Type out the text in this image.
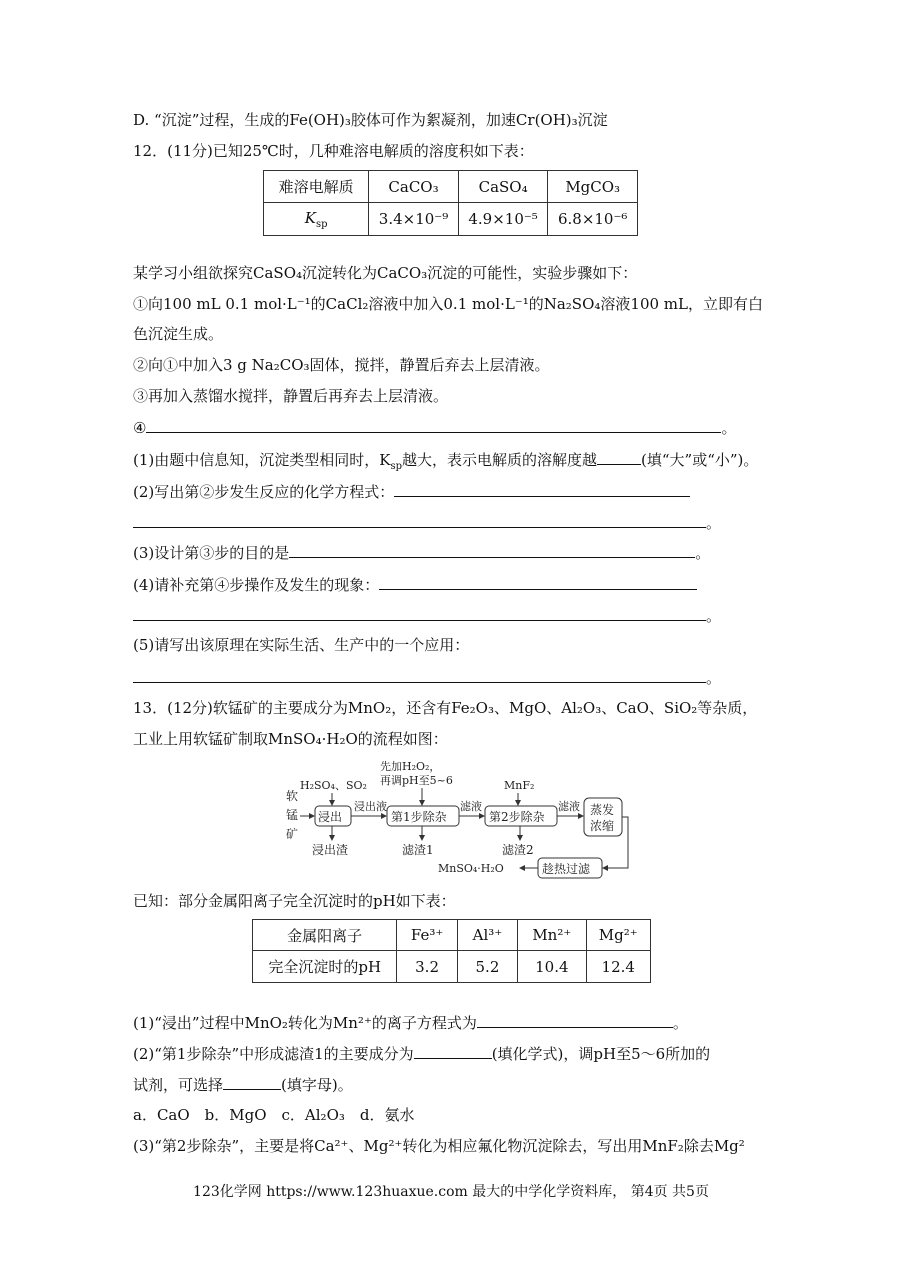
D. “沉淀”过程，生成的Fe(OH)₃胶体可作为絮凝剂，加速Cr(OH)₃沉淀
12．(11分)已知25℃时，几种难溶电解质的溶度积如下表：
难溶电解质	CaCO₃	CaSO₄	MgCO₃
$K_{sp}$	3.4×10⁻⁹	4.9×10⁻⁵	6.8×10⁻⁶
某学习小组欲探究CaSO₄沉淀转化为CaCO₃沉淀的可能性，实验步骤如下：
①向100 mL 0.1 mol·L⁻¹的CaCl₂溶液中加入0.1 mol·L⁻¹的Na₂SO₄溶液100 mL，立即有白
色沉淀生成。
②向①中加入3 g Na₂CO₃固体，搅拌，静置后弃去上层清液。
③再加入蒸馏水搅拌，静置后再弃去上层清液。
④	。
(1)由题中信息知，沉淀类型相同时，$K_{sp}$越大，表示电解质的溶解度越	(填“大”或“小”)。
(2)写出第②步发生反应的化学方程式：
。
(3)设计第③步的目的是	。
(4)请补充第④步操作及发生的现象：
。
(5)请写出该原理在实际生活、生产中的一个应用：
。
13．(12分)软锰矿的主要成分为MnO₂，还含有Fe₂O₃、MgO、Al₂O₃、CaO、SiO₂等杂质，
工业上用软锰矿制取MnSO₄·H₂O的流程如图：
软
锰
矿
H₂SO₄、SO₂
先加H₂O₂，
再调pH至5~6	MnF₂
浸出
浸出液
第1步除杂
滤液
第2步除杂
滤液 蒸发
浓缩
浸出渣	滤渣1	滤渣2
趁热过滤
MnSO₄·H₂O
已知：部分金属阳离子完全沉淀时的pH如下表：
金属阳离子	Fe³⁺	Al³⁺	Mn²⁺	Mg²⁺
完全沉淀时的pH	3.2	5.2	10.4	12.4
(1)“浸出”过程中MnO₂转化为Mn²⁺的离子方程式为	。
(2)“第1步除杂”中形成滤渣1的主要成分为	(填化学式)，调pH至5～6所加的
试剂，可选择	(填字母)。
a．CaO　b．MgO　c．Al₂O₃　d．氨水
(3)“第2步除杂”，主要是将Ca²⁺、Mg²⁺转化为相应氟化物沉淀除去，写出用MnF₂除去Mg²
123化学网 https://www.123huaxue.com 最大的中学化学资料库， 第4页 共5页
